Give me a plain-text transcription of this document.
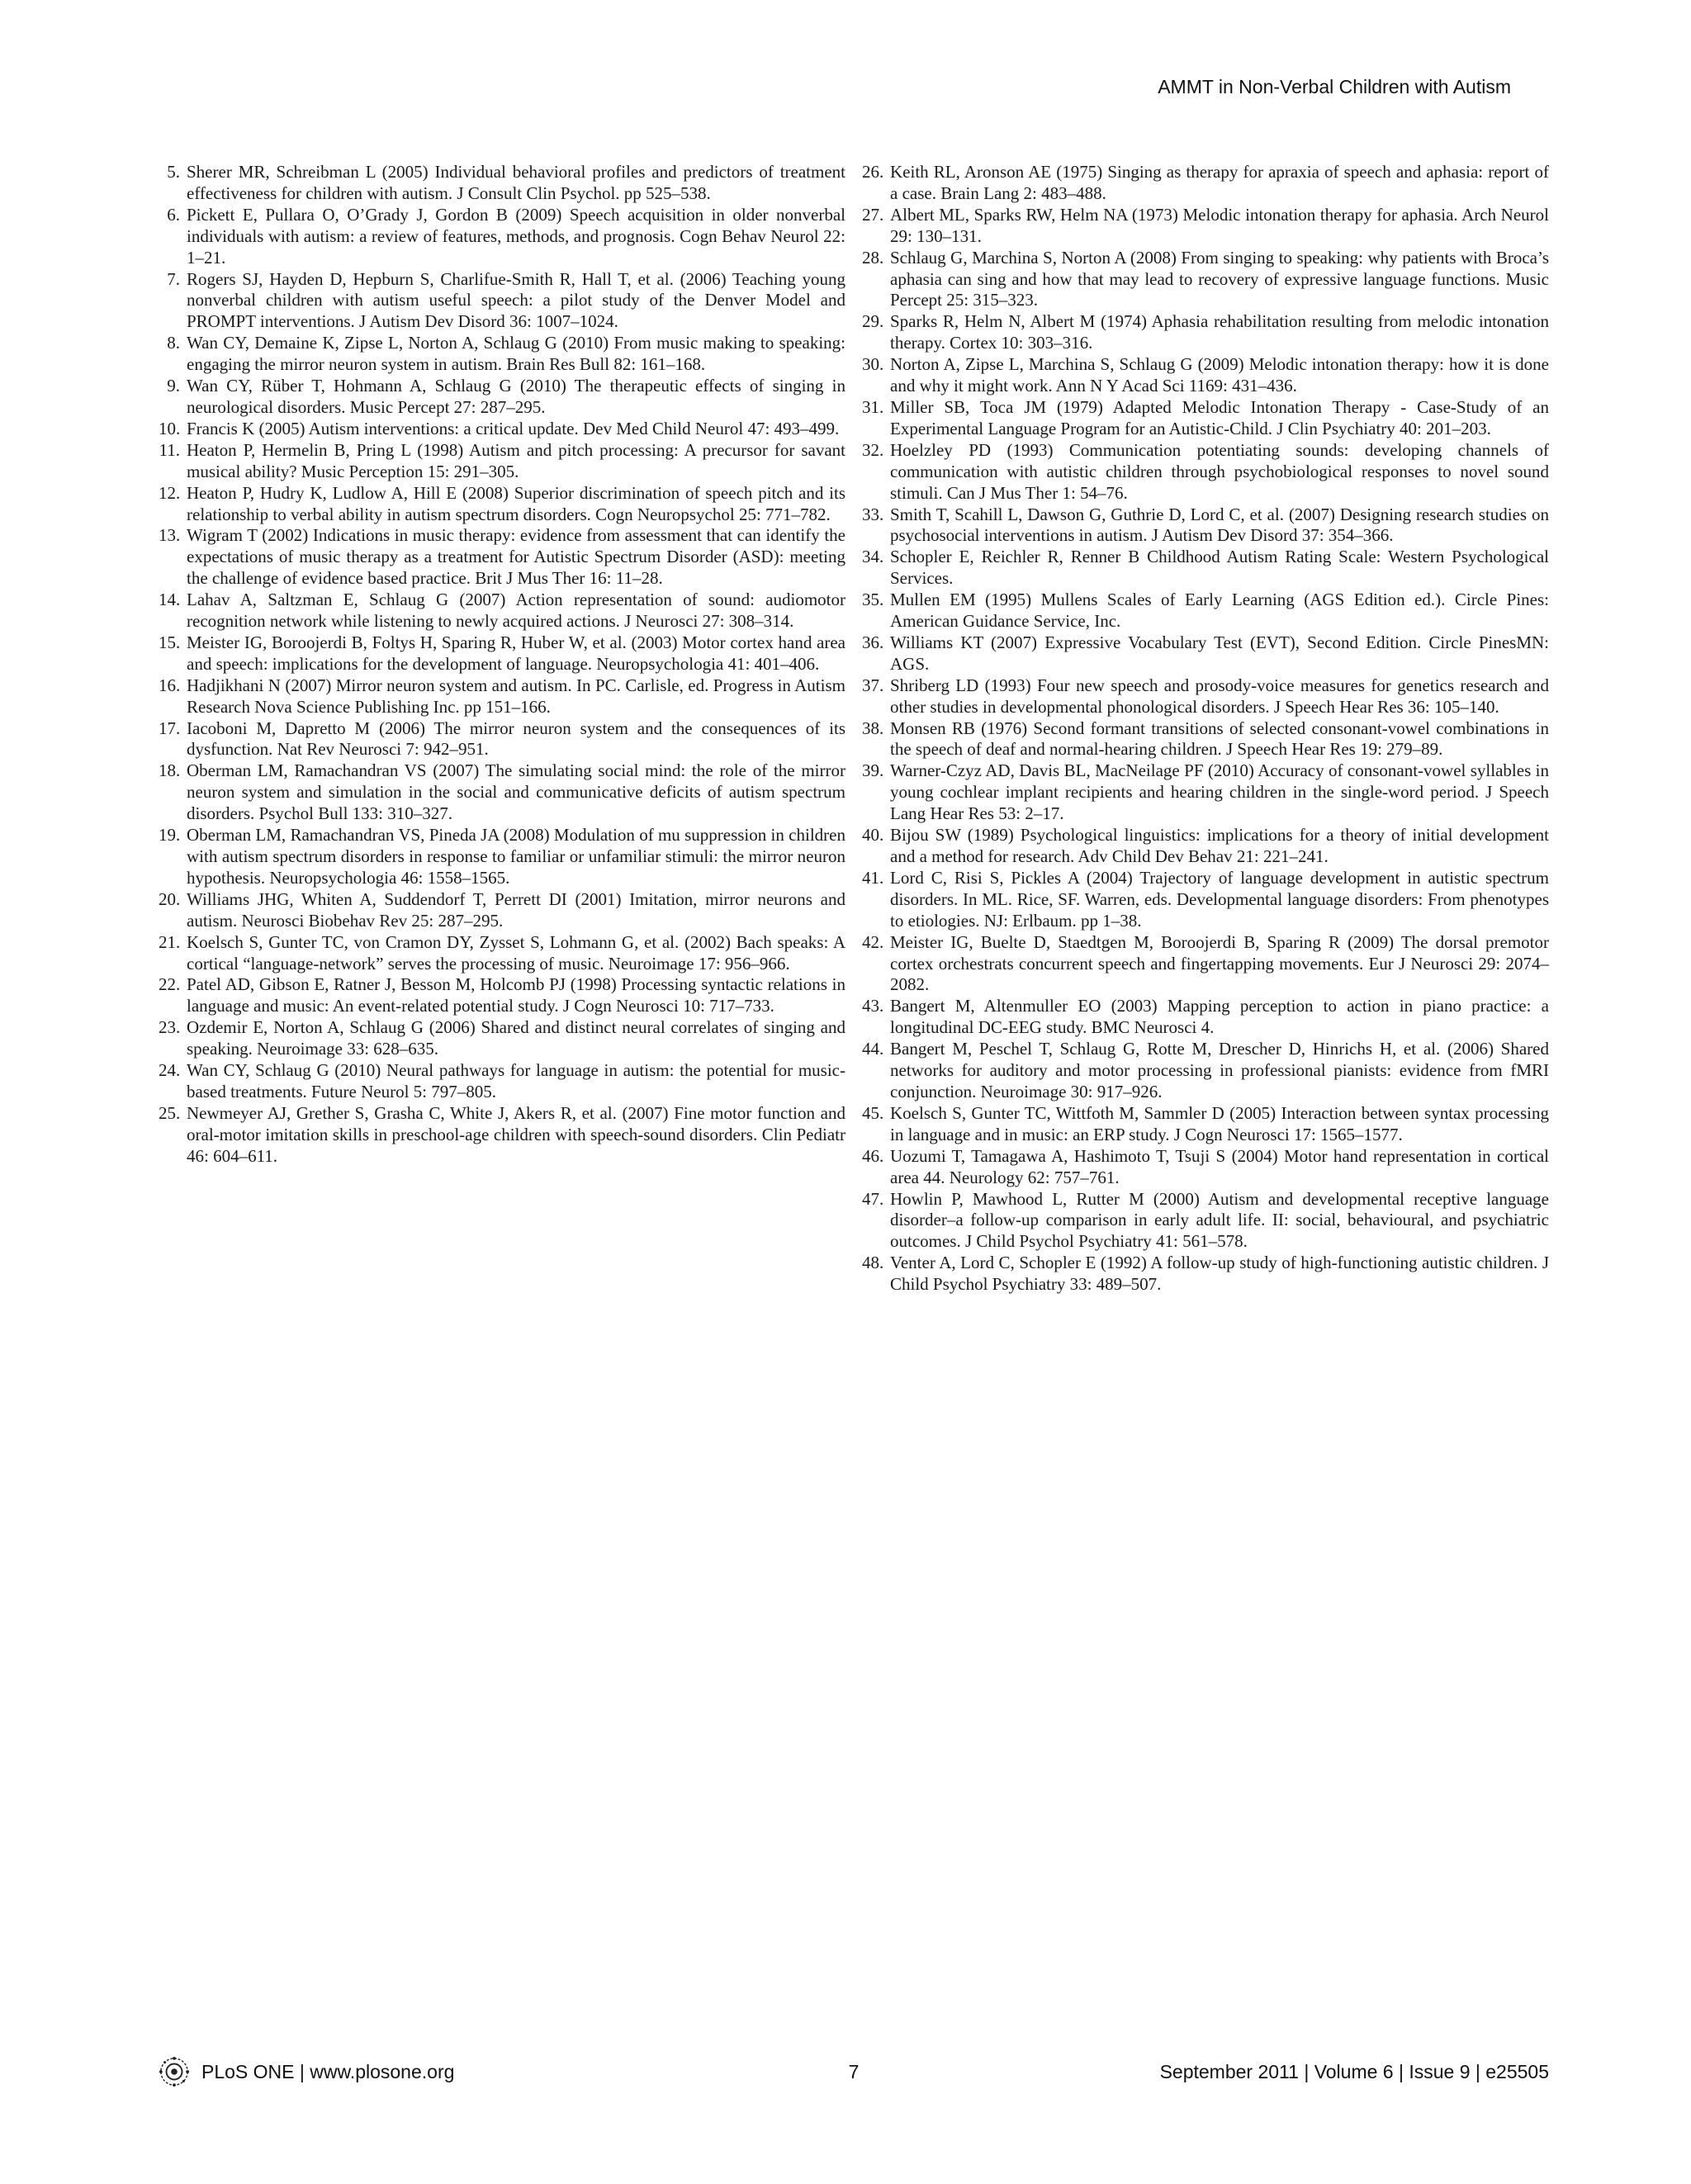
AMMT in Non-Verbal Children with Autism
5. Sherer MR, Schreibman L (2005) Individual behavioral profiles and predictors of treatment effectiveness for children with autism. J Consult Clin Psychol. pp 525–538.
6. Pickett E, Pullara O, O’Grady J, Gordon B (2009) Speech acquisition in older nonverbal individuals with autism: a review of features, methods, and prognosis. Cogn Behav Neurol 22: 1–21.
7. Rogers SJ, Hayden D, Hepburn S, Charlifue-Smith R, Hall T, et al. (2006) Teaching young nonverbal children with autism useful speech: a pilot study of the Denver Model and PROMPT interventions. J Autism Dev Disord 36: 1007–1024.
8. Wan CY, Demaine K, Zipse L, Norton A, Schlaug G (2010) From music making to speaking: engaging the mirror neuron system in autism. Brain Res Bull 82: 161–168.
9. Wan CY, Rüber T, Hohmann A, Schlaug G (2010) The therapeutic effects of singing in neurological disorders. Music Percept 27: 287–295.
10. Francis K (2005) Autism interventions: a critical update. Dev Med Child Neurol 47: 493–499.
11. Heaton P, Hermelin B, Pring L (1998) Autism and pitch processing: A precursor for savant musical ability? Music Perception 15: 291–305.
12. Heaton P, Hudry K, Ludlow A, Hill E (2008) Superior discrimination of speech pitch and its relationship to verbal ability in autism spectrum disorders. Cogn Neuropsychol 25: 771–782.
13. Wigram T (2002) Indications in music therapy: evidence from assessment that can identify the expectations of music therapy as a treatment for Autistic Spectrum Disorder (ASD): meeting the challenge of evidence based practice. Brit J Mus Ther 16: 11–28.
14. Lahav A, Saltzman E, Schlaug G (2007) Action representation of sound: audiomotor recognition network while listening to newly acquired actions. J Neurosci 27: 308–314.
15. Meister IG, Boroojerdi B, Foltys H, Sparing R, Huber W, et al. (2003) Motor cortex hand area and speech: implications for the development of language. Neuropsychologia 41: 401–406.
16. Hadjikhani N (2007) Mirror neuron system and autism. In PC. Carlisle, ed. Progress in Autism Research Nova Science Publishing Inc. pp 151–166.
17. Iacoboni M, Dapretto M (2006) The mirror neuron system and the consequences of its dysfunction. Nat Rev Neurosci 7: 942–951.
18. Oberman LM, Ramachandran VS (2007) The simulating social mind: the role of the mirror neuron system and simulation in the social and communicative deficits of autism spectrum disorders. Psychol Bull 133: 310–327.
19. Oberman LM, Ramachandran VS, Pineda JA (2008) Modulation of mu suppression in children with autism spectrum disorders in response to familiar or unfamiliar stimuli: the mirror neuron hypothesis. Neuropsychologia 46: 1558–1565.
20. Williams JHG, Whiten A, Suddendorf T, Perrett DI (2001) Imitation, mirror neurons and autism. Neurosci Biobehav Rev 25: 287–295.
21. Koelsch S, Gunter TC, von Cramon DY, Zysset S, Lohmann G, et al. (2002) Bach speaks: A cortical “language-network” serves the processing of music. Neuroimage 17: 956–966.
22. Patel AD, Gibson E, Ratner J, Besson M, Holcomb PJ (1998) Processing syntactic relations in language and music: An event-related potential study. J Cogn Neurosci 10: 717–733.
23. Ozdemir E, Norton A, Schlaug G (2006) Shared and distinct neural correlates of singing and speaking. Neuroimage 33: 628–635.
24. Wan CY, Schlaug G (2010) Neural pathways for language in autism: the potential for music-based treatments. Future Neurol 5: 797–805.
25. Newmeyer AJ, Grether S, Grasha C, White J, Akers R, et al. (2007) Fine motor function and oral-motor imitation skills in preschool-age children with speech-sound disorders. Clin Pediatr 46: 604–611.
26. Keith RL, Aronson AE (1975) Singing as therapy for apraxia of speech and aphasia: report of a case. Brain Lang 2: 483–488.
27. Albert ML, Sparks RW, Helm NA (1973) Melodic intonation therapy for aphasia. Arch Neurol 29: 130–131.
28. Schlaug G, Marchina S, Norton A (2008) From singing to speaking: why patients with Broca’s aphasia can sing and how that may lead to recovery of expressive language functions. Music Percept 25: 315–323.
29. Sparks R, Helm N, Albert M (1974) Aphasia rehabilitation resulting from melodic intonation therapy. Cortex 10: 303–316.
30. Norton A, Zipse L, Marchina S, Schlaug G (2009) Melodic intonation therapy: how it is done and why it might work. Ann N Y Acad Sci 1169: 431–436.
31. Miller SB, Toca JM (1979) Adapted Melodic Intonation Therapy - Case-Study of an Experimental Language Program for an Autistic-Child. J Clin Psychiatry 40: 201–203.
32. Hoelzley PD (1993) Communication potentiating sounds: developing channels of communication with autistic children through psychobiological responses to novel sound stimuli. Can J Mus Ther 1: 54–76.
33. Smith T, Scahill L, Dawson G, Guthrie D, Lord C, et al. (2007) Designing research studies on psychosocial interventions in autism. J Autism Dev Disord 37: 354–366.
34. Schopler E, Reichler R, Renner B Childhood Autism Rating Scale: Western Psychological Services.
35. Mullen EM (1995) Mullens Scales of Early Learning (AGS Edition ed.). Circle Pines: American Guidance Service, Inc.
36. Williams KT (2007) Expressive Vocabulary Test (EVT), Second Edition. Circle PinesMN: AGS.
37. Shriberg LD (1993) Four new speech and prosody-voice measures for genetics research and other studies in developmental phonological disorders. J Speech Hear Res 36: 105–140.
38. Monsen RB (1976) Second formant transitions of selected consonant-vowel combinations in the speech of deaf and normal-hearing children. J Speech Hear Res 19: 279–89.
39. Warner-Czyz AD, Davis BL, MacNeilage PF (2010) Accuracy of consonant-vowel syllables in young cochlear implant recipients and hearing children in the single-word period. J Speech Lang Hear Res 53: 2–17.
40. Bijou SW (1989) Psychological linguistics: implications for a theory of initial development and a method for research. Adv Child Dev Behav 21: 221–241.
41. Lord C, Risi S, Pickles A (2004) Trajectory of language development in autistic spectrum disorders. In ML. Rice, SF. Warren, eds. Developmental language disorders: From phenotypes to etiologies. NJ: Erlbaum. pp 1–38.
42. Meister IG, Buelte D, Staedtgen M, Boroojerdi B, Sparing R (2009) The dorsal premotor cortex orchestrats concurrent speech and fingertapping movements. Eur J Neurosci 29: 2074–2082.
43. Bangert M, Altenmuller EO (2003) Mapping perception to action in piano practice: a longitudinal DC-EEG study. BMC Neurosci 4.
44. Bangert M, Peschel T, Schlaug G, Rotte M, Drescher D, Hinrichs H, et al. (2006) Shared networks for auditory and motor processing in professional pianists: evidence from fMRI conjunction. Neuroimage 30: 917–926.
45. Koelsch S, Gunter TC, Wittfoth M, Sammler D (2005) Interaction between syntax processing in language and in music: an ERP study. J Cogn Neurosci 17: 1565–1577.
46. Uozumi T, Tamagawa A, Hashimoto T, Tsuji S (2004) Motor hand representation in cortical area 44. Neurology 62: 757–761.
47. Howlin P, Mawhood L, Rutter M (2000) Autism and developmental receptive language disorder–a follow-up comparison in early adult life. II: social, behavioural, and psychiatric outcomes. J Child Psychol Psychiatry 41: 561–578.
48. Venter A, Lord C, Schopler E (1992) A follow-up study of high-functioning autistic children. J Child Psychol Psychiatry 33: 489–507.
PLoS ONE | www.plosone.org	7	September 2011 | Volume 6 | Issue 9 | e25505
